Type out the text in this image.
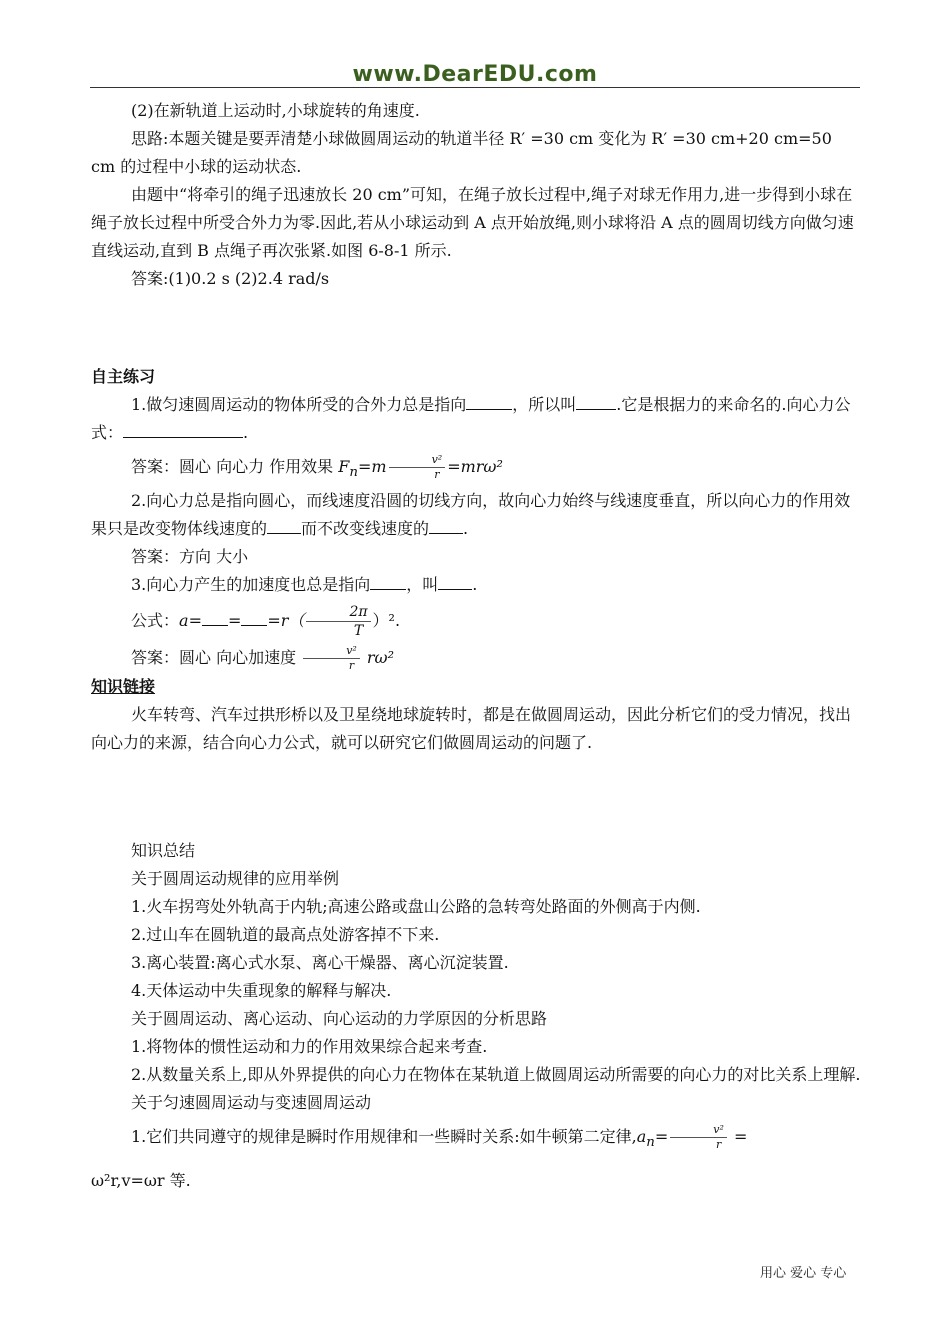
www.DearEDU.com

(2)在新轨道上运动时,小球旋转的角速度.

思路:本题关键是要弄清楚小球做圆周运动的轨道半径 R′ =30 cm 变化为 R′ =30 cm+20 cm=50 cm 的过程中小球的运动状态.

由题中“将牵引的绳子迅速放长 20 cm”可知，在绳子放长过程中,绳子对球无作用力,进一步得到小球在绳子放长过程中所受合外力为零.因此,若从小球运动到 A 点开始放绳,则小球将沿 A 点的圆周切线方向做匀速直线运动,直到 B 点绳子再次张紧.如图 6-8-1 所示.

答案:(1)0.2 s (2)2.4 rad/s

自主练习

1.做匀速圆周运动的物体所受的合外力总是指向	，所以叫	.它是根据力的来命名的.向心力公式：	.

答案：圆心 向心力 作用效果 $F_n=m \frac{\text{v²}}{r} =mr\omega^2$

2.向心力总是指向圆心，而线速度沿圆的切线方向，故向心力始终与线速度垂直，所以向心力的作用效果只是改变物体线速度的 而不改变线速度的 .

答案：方向 大小

3.向心力产生的加速度也总是指向 ，叫 .

公式：$a= = =r( \frac{2\pi}{T} )^2$.

答案：圆心 向心加速度 $\frac{\text{v²}}{r} r\omega^2$

知识链接

火车转弯、汽车过拱形桥以及卫星绕地球旋转时，都是在做圆周运动，因此分析它们的受力情况，找出向心力的来源，结合向心力公式，就可以研究它们做圆周运动的问题了.

知识总结

关于圆周运动规律的应用举例

1.火车拐弯处外轨高于内轨;高速公路或盘山公路的急转弯处路面的外侧高于内侧.

2.过山车在圆轨道的最高点处游客掉不下来.

3.离心装置:离心式水泵、离心干燥器、离心沉淀装置.

4.天体运动中失重现象的解释与解决.

关于圆周运动、离心运动、向心运动的力学原因的分析思路

1.将物体的惯性运动和力的作用效果综合起来考查.

2.从数量关系上,即从外界提供的向心力在物体在某轨道上做圆周运动所需要的向心力的对比关系上理解.

关于匀速圆周运动与变速圆周运动

1.它们共同遵守的规律是瞬时作用规律和一些瞬时关系:如牛顿第二定律$,a_n= \frac{\text{v²}}{r}$ =

ω²r,v=ωr 等.

用心 爱心 专心
